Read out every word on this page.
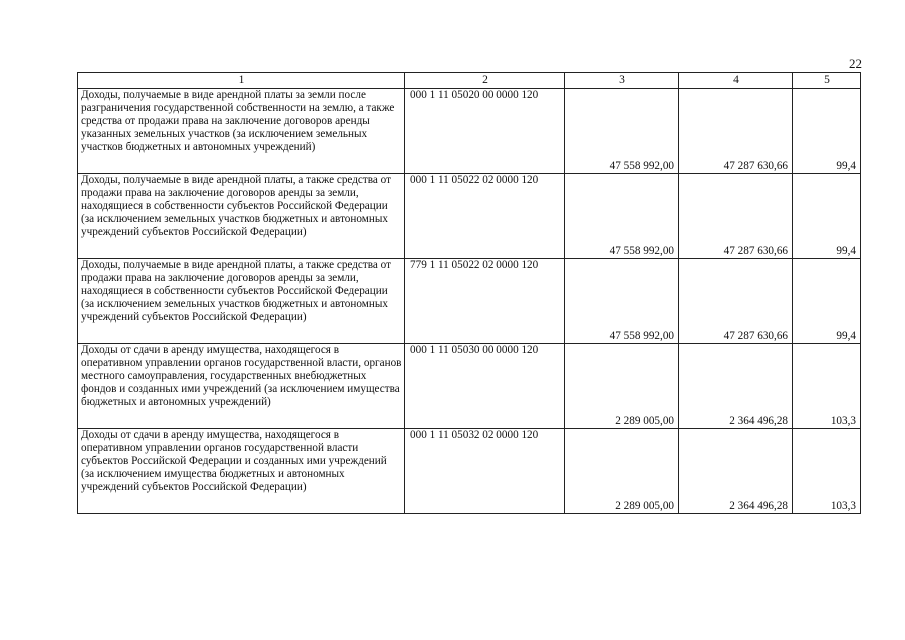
22
1	2	3	4	5
Доходы, получаемые в виде арендной платы за земли после разграничения государственной собственности на землю, а также средства от продажи права на заключение договоров аренды указанных земельных участков (за исключением земельных участков бюджетных и автономных учреждений)	000 1 11 05020 00 0000 120	47 558 992,00	47 287 630,66	99,4
Доходы, получаемые в виде арендной платы, а также средства от продажи права на заключение договоров аренды за земли, находящиеся в собственности субъектов Российской Федерации (за исключением земельных участков бюджетных и автономных учреждений субъектов Российской Федерации)	000 1 11 05022 02 0000 120	47 558 992,00	47 287 630,66	99,4
Доходы, получаемые в виде арендной платы, а также средства от продажи права на заключение договоров аренды за земли, находящиеся в собственности субъектов Российской Федерации (за исключением земельных участков бюджетных и автономных учреждений субъектов Российской Федерации)	779 1 11 05022 02 0000 120	47 558 992,00	47 287 630,66	99,4
Доходы от сдачи в аренду имущества, находящегося в оперативном управлении органов государственной власти, органов местного самоуправления, государственных внебюджетных фондов и созданных ими учреждений (за исключением имущества бюджетных и автономных учреждений)	000 1 11 05030 00 0000 120	2 289 005,00	2 364 496,28	103,3
Доходы от сдачи в аренду имущества, находящегося в оперативном управлении органов государственной власти субъектов Российской Федерации и созданных ими учреждений (за исключением имущества бюджетных и автономных учреждений субъектов Российской Федерации)	000 1 11 05032 02 0000 120	2 289 005,00	2 364 496,28	103,3
